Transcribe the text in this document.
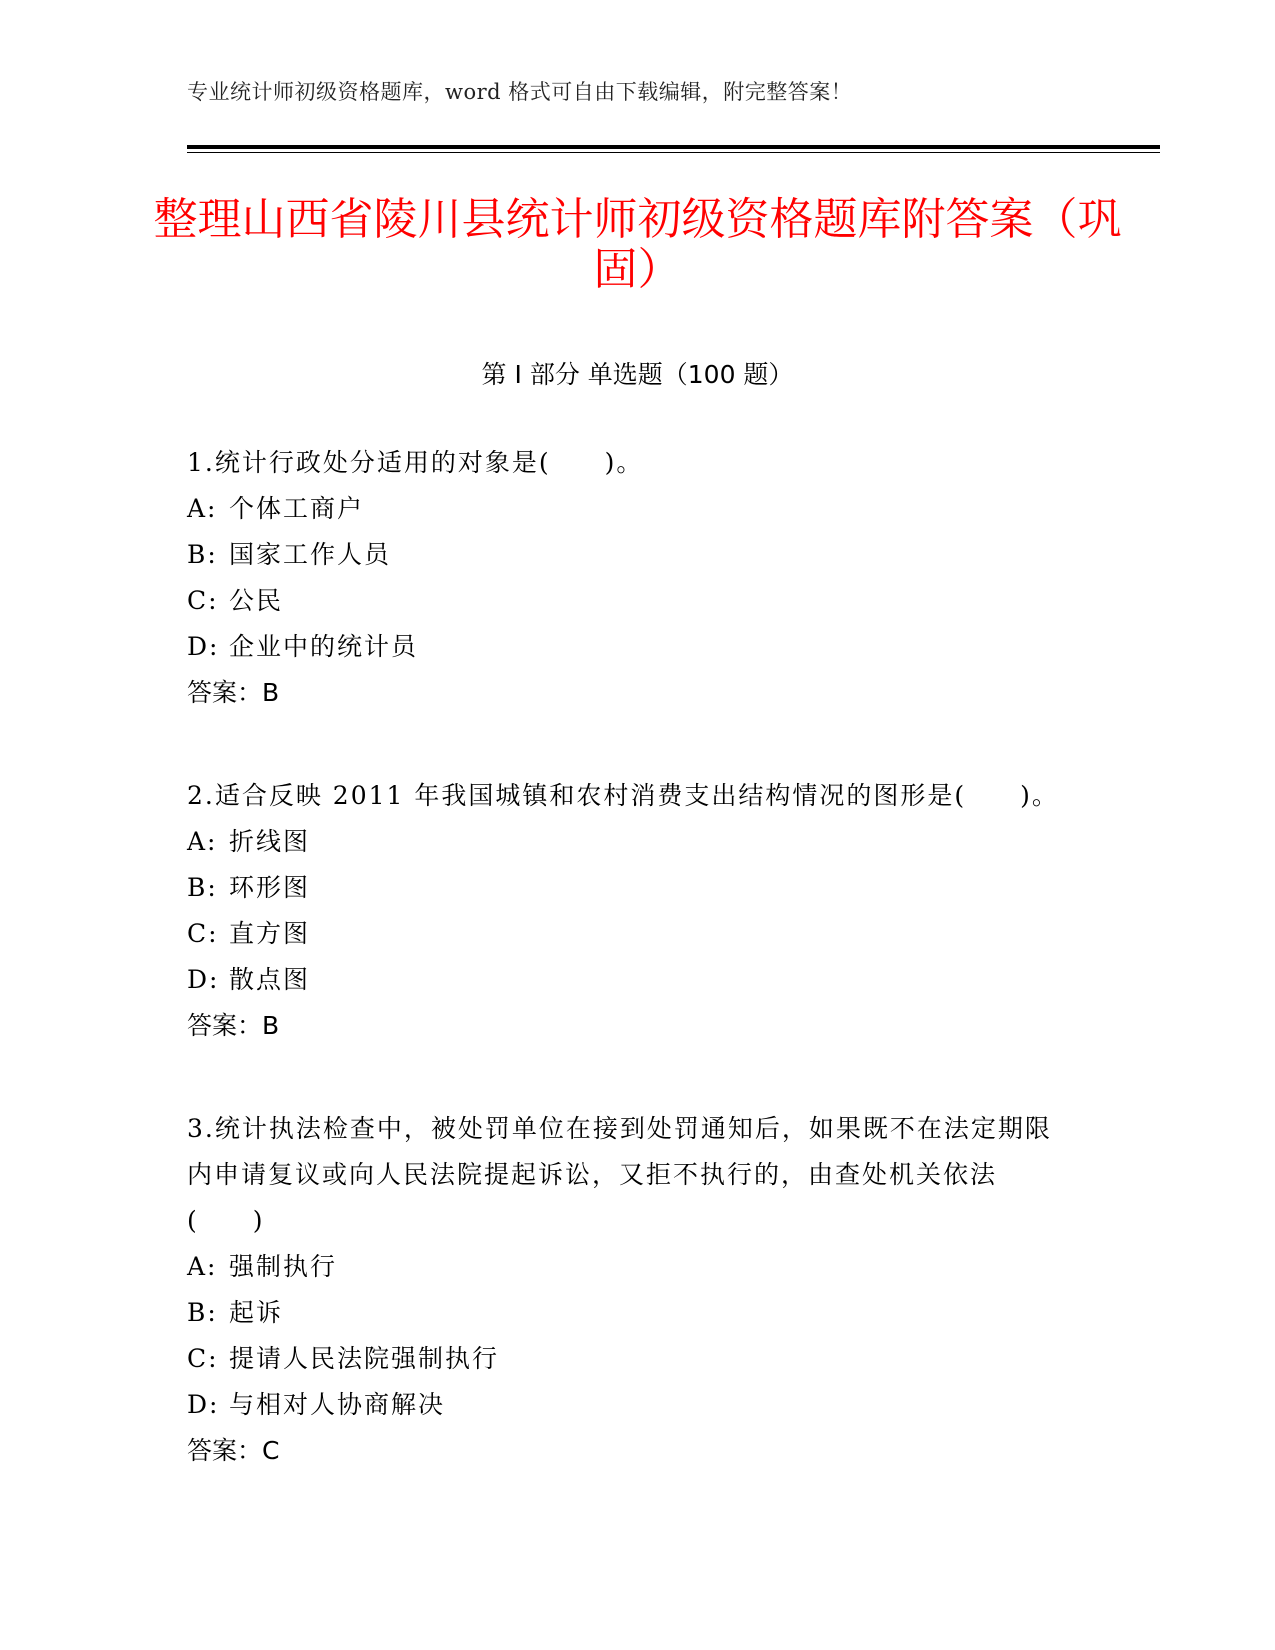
专业统计师初级资格题库，word 格式可自由下载编辑，附完整答案！
整理山西省陵川县统计师初级资格题库附答案（巩固）
第 I 部分 单选题（100 题）

1.统计行政处分适用的对象是(　　)。

A: 个体工商户
B: 国家工作人员
C: 公民
D: 企业中的统计员
答案：B

2.适合反映 2011 年我国城镇和农村消费支出结构情况的图形是(　　)。

A: 折线图
B: 环形图
C: 直方图
D: 散点图
答案：B

3.统计执法检查中，被处罚单位在接到处罚通知后，如果既不在法定期限内申请复议或向人民法院提起诉讼，又拒不执行的，由查处机关依法(　　)

A: 强制执行
B: 起诉
C: 提请人民法院强制执行
D: 与相对人协商解决
答案：C
